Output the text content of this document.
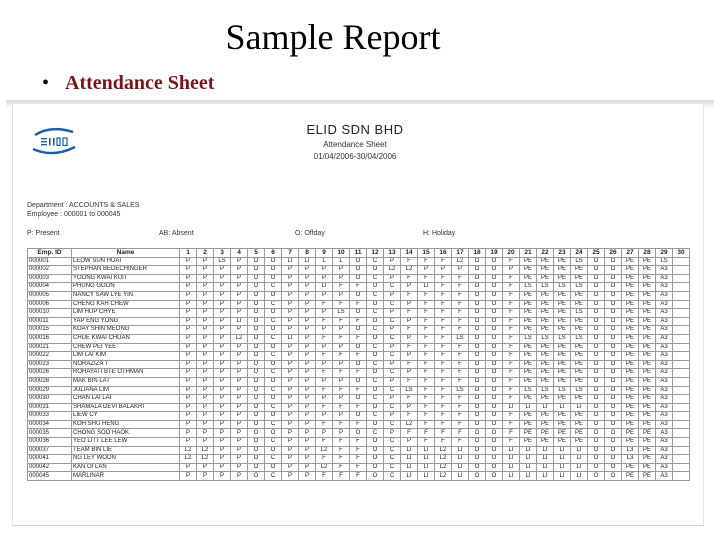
Sample Report
• Attendance Sheet
ELID SDN BHD
Attendance Sheet
01/04/2006-30/04/2006
Department : ACCOUNTS & SALES
Employee : 000001 to 000045
P: Present	AB: Absent	O: Offday	H: Holiday
Emp. ID	Name	1	2	3	4	5	6	7	8	9	10	11	12	13	14	15	16	17	18	19	20	21	22	23	24	25	26	27	28	29	30
000001	LEOW SUN HUAT	P	P	LS	P	O	O	LI	LI	L	L	O	C	P	F	F	F	L2	O	O	F	PE	PE	PE	LS	O	O	PE	PE	LS	
000002	STEPHAN BEDECHINGER	P	P	P	P	O	O	P	P	P	P	O	O	L2	L2	P	P	P	O	O	P	PE	PE	PE	PE	O	O	PE	PE	A3	
000003	YOONG KWAI KUIT	P	P	P	P	O	O	P	P	P	P	O	C	P	F	F	F	F	O	O	F	PE	PE	PE	PE	O	O	PE	PE	A3	
000004	PHUNG GOON	P	P	P	P	O	C	P	P	LI	F	F	O	C	P	LI	F	F	O	O	F	LS	LS	LS	LS	O	O	PE	PE	A3	
000005	NANCY SAW LYE YIN	P	P	P	P	O	O	P	P	P	P	O	C	P	F	F	F	F	O	O	F	PE	PE	PE	PE	O	O	PE	PE	A3	
000006	CHENG KAH CHEW	P	P	P	P	O	C	P	P	F	F	F	O	C	P	F	F	F	O	O	F	PE	PE	PE	PE	O	O	PE	PE	A3	
000010	LIM HUP CHYE	P	P	P	P	O	O	P	P	P	LS	O	C	P	F	F	F	F	O	O	F	PE	PE	PE	LS	O	O	PE	PE	A3	
000011	YAP ENG YONG	P	P	P	LI	O	C	P	P	F	F	F	O	C	P	F	F	F	O	O	F	PE	PE	PE	PE	O	O	PE	PE	A3	
000015	KOAY SHIN MEONG	P	P	P	P	O	O	P	P	P	P	O	C	P	F	F	F	F	O	O	F	PE	PE	PE	PE	O	O	PE	PE	A3	
000016	CHUE KWAI CHUAN	P	P	P	L2	O	C	LI	P	F	F	F	O	C	P	F	F	LS	O	O	F	LS	LS	LS	LS	O	O	PE	PE	A3	
000021	CHEW PEI YEE	P	P	P	P	O	O	P	P	P	P	O	C	P	F	F	F	F	O	O	F	PE	PE	PE	PE	O	O	PE	PE	A3	
000022	LIM LAI KIM	P	P	P	P	O	C	P	P	F	F	F	O	C	P	F	F	F	O	O	F	PE	PE	PE	PE	O	O	PE	PE	A3	
000023	NORAZIZA T	P	P	P	P	O	O	P	P	P	P	O	C	P	F	F	F	F	O	O	F	PE	PE	PE	PE	O	O	PE	PE	A3	
000026	ROHAYATI BTE OTHMAN	P	P	P	P	O	C	P	P	F	F	F	O	C	P	F	F	F	O	O	F	PE	PE	PE	PE	O	O	PE	PE	A3	
000028	MAK BIN LAT	P	P	P	P	O	O	P	P	P	P	O	C	P	F	F	F	F	O	O	F	PE	PE	PE	PE	O	O	PE	PE	A3	
000029	JULIANA LIM	P	P	P	P	O	C	P	P	F	F	F	O	C	LS	F	F	LS	O	O	F	LS	LS	LS	LS	O	O	PE	PE	A3	
000030	CHAN LAI LAI	P	P	P	P	O	O	P	P	P	P	O	C	P	F	F	F	F	O	O	F	PE	PE	PE	PE	O	O	PE	PE	A3	
000031	SHAMALA DEVI BALAKRI	P	P	P	P	O	C	P	P	F	F	F	O	C	P	F	F	F	O	O	LI	LI	LI	LI	LI	O	O	PE	PE	A3	
000033	LIEW CY	P	P	P	P	O	O	P	P	P	P	O	C	P	F	F	F	F	O	O	F	PE	PE	PE	PE	O	O	PE	PE	A3	
000034	KOH SHU HENG	P	P	P	P	O	C	P	P	F	F	F	O	C	L2	F	F	F	O	O	F	PE	PE	PE	PE	O	O	PE	PE	A3	
000035	CHONG SOO HAOK	P	P	P	P	O	O	P	P	P	P	O	C	P	F	F	F	F	O	O	F	PE	PE	PE	PE	O	O	PE	PE	A3	
000036	YEO LITT LEE LEW	P	P	P	P	O	C	P	P	F	F	F	O	C	P	F	F	F	O	O	F	PE	PE	PE	PE	O	O	PE	PE	A3	
000037	TEAM BIN LIE	L2	L2	P	P	O	O	P	P	L2	F	F	O	C	LI	LI	L2	LI	O	O	LI	LI	LI	LI	LI	O	O	L3	PE	A3	
000041	NG LEY WOON	L2	L2	P	P	O	C	P	P	F	F	F	O	C	LI	LI	L2	LI	O	O	LI	LI	LI	LI	LI	O	O	L3	PE	A3	
000042	KAN OI LAN	P	P	P	P	O	O	P	P	L2	F	F	O	C	LI	LI	L2	LI	O	O	LI	LI	LI	LI	LI	O	O	PE	PE	A3	
000045	MARLINAR	P	P	P	P	O	C	P	P	F	F	F	O	C	LI	LI	L2	LI	O	O	LI	LI	LI	LI	LI	O	O	PE	PE	A3	
